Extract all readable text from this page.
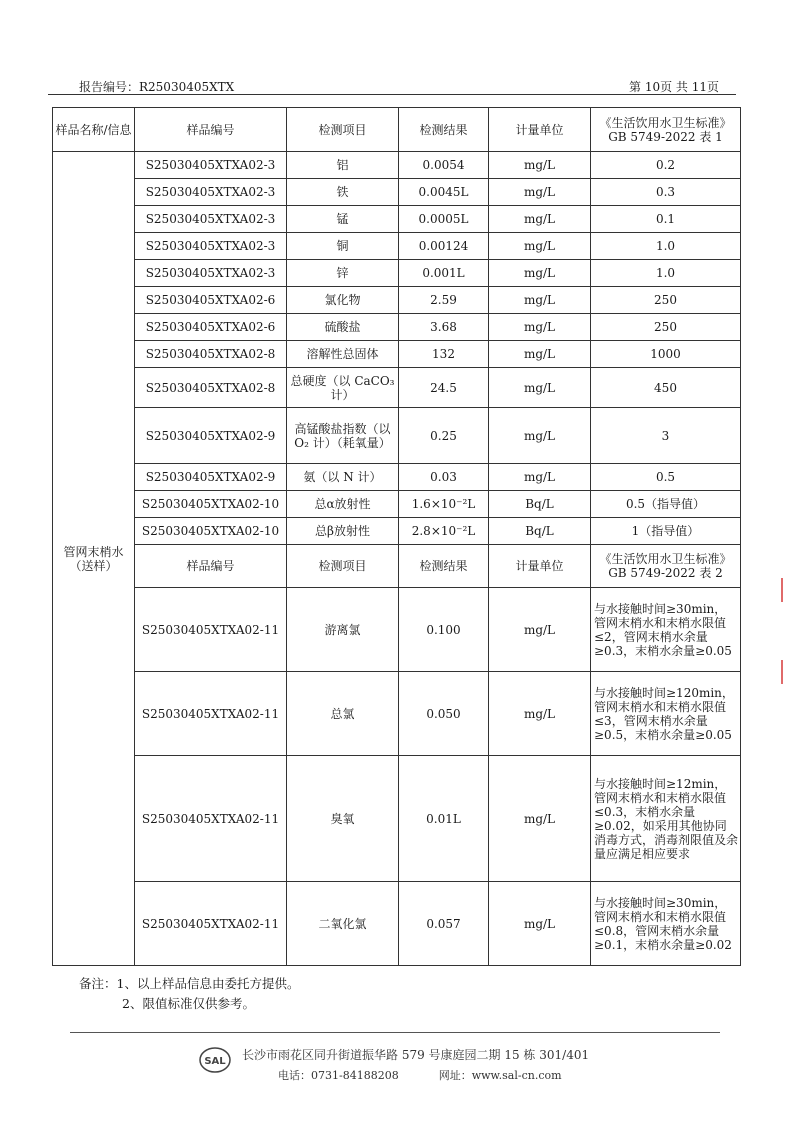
报告编号：R25030405XTX	第 10页 共 11页
样品名称/信息	样品编号	检测项目	检测结果	计量单位	《生活饮用水卫生标准》GB 5749-2022 表 1
管网末梢水（送样）	S25030405XTXA02-3	铝	0.0054	mg/L	0.2
	S25030405XTXA02-3	铁	0.0045L	mg/L	0.3
	S25030405XTXA02-3	锰	0.0005L	mg/L	0.1
	S25030405XTXA02-3	铜	0.00124	mg/L	1.0
	S25030405XTXA02-3	锌	0.001L	mg/L	1.0
	S25030405XTXA02-6	氯化物	2.59	mg/L	250
	S25030405XTXA02-6	硫酸盐	3.68	mg/L	250
	S25030405XTXA02-8	溶解性总固体	132	mg/L	1000
	S25030405XTXA02-8	总硬度（以 CaCO₃ 计）	24.5	mg/L	450
	S25030405XTXA02-9	高锰酸盐指数（以 O₂ 计）（耗氧量）	0.25	mg/L	3
	S25030405XTXA02-9	氨（以 N 计）	0.03	mg/L	0.5
	S25030405XTXA02-10	总α放射性	1.6×10⁻²L	Bq/L	0.5（指导值）
	S25030405XTXA02-10	总β放射性	2.8×10⁻²L	Bq/L	1（指导值）
	样品编号	检测项目	检测结果	计量单位	《生活饮用水卫生标准》GB 5749-2022 表 2
	S25030405XTXA02-11	游离氯	0.100	mg/L	与水接触时间≥30min，管网末梢水和末梢水限值≤2，管网末梢水余量≥0.3，末梢水余量≥0.05
	S25030405XTXA02-11	总氯	0.050	mg/L	与水接触时间≥120min，管网末梢水和末梢水限值≤3，管网末梢水余量≥0.5，末梢水余量≥0.05
	S25030405XTXA02-11	臭氧	0.01L	mg/L	与水接触时间≥12min，管网末梢水和末梢水限值≤0.3，末梢水余量≥0.02，如采用其他协同消毒方式，消毒剂限值及余量应满足相应要求
	S25030405XTXA02-11	二氧化氯	0.057	mg/L	与水接触时间≥30min，管网末梢水和末梢水限值≤0.8，管网末梢水余量≥0.1，末梢水余量≥0.02
备注：1、以上样品信息由委托方提供。
2、限值标准仅供参考。
SAL 长沙市雨花区同升街道振华路 579 号康庭园二期 15 栋 301/401
电话：0731-84188208	网址：www.sal-cn.com
